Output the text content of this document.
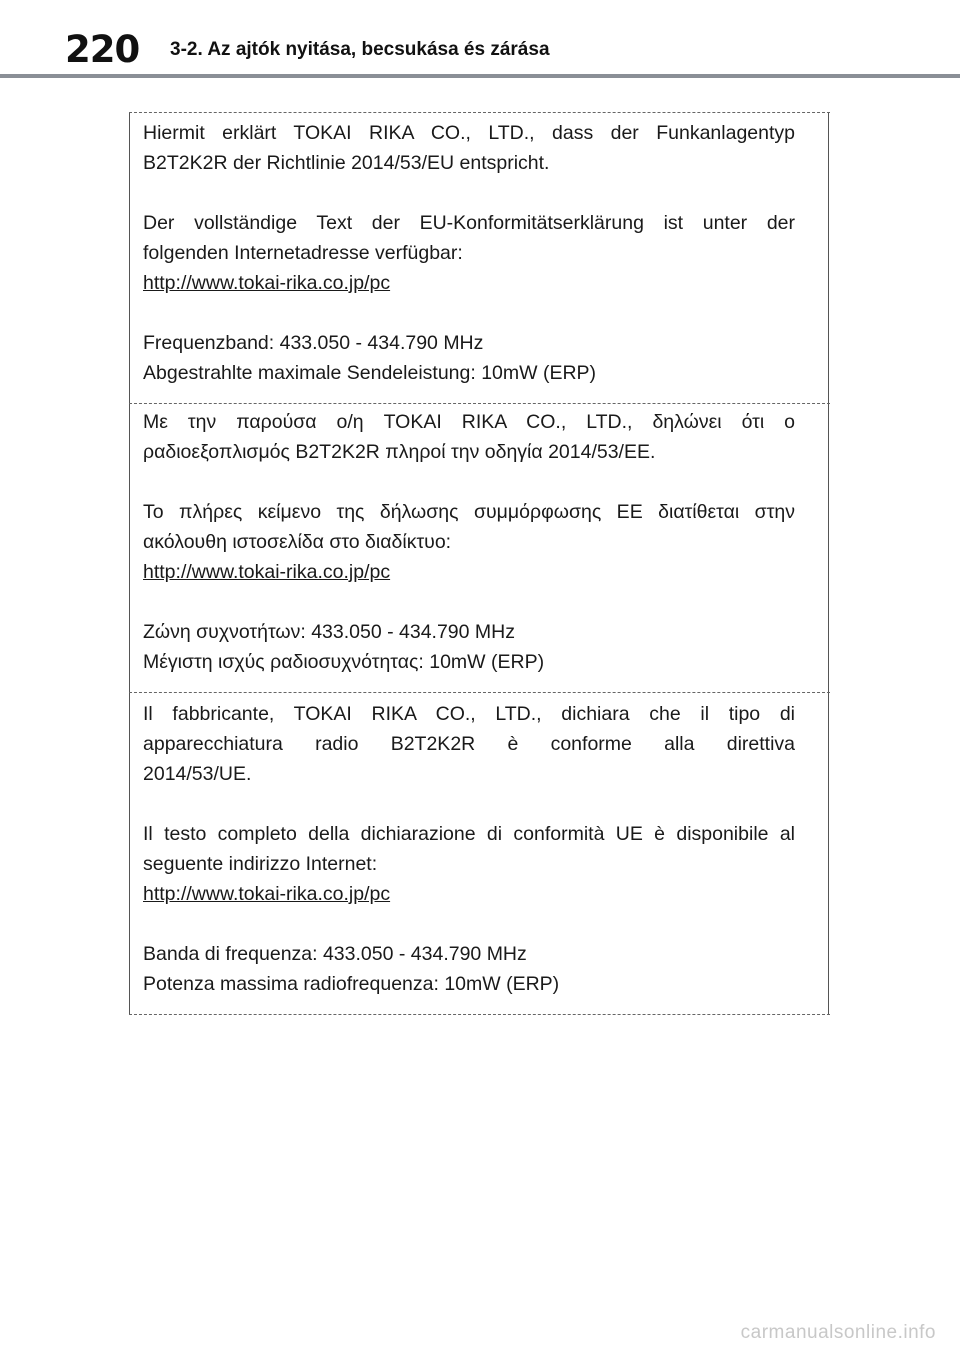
220 3-2. Az ajtók nyitása, becsukása és zárása
Hiermit erklärt TOKAI RIKA CO., LTD., dass der Funkanlagentyp
B2T2K2R der Richtlinie 2014/53/EU entspricht.
Der vollständige Text der EU-Konformitätserklärung ist unter der
folgenden Internetadresse verfügbar:
http://www.tokai-rika.co.jp/pc
Frequenzband: 433.050 - 434.790 MHz
Abgestrahlte maximale Sendeleistung: 10mW (ERP)
Με την παρούσα ο/η TOKAI RIKA CO., LTD., δηλώνει ότι ο
ραδιοεξοπλισμός B2T2K2R πληροί την οδηγία 2014/53/ΕΕ.
Το πλήρες κείμενο της δήλωσης συμμόρφωσης ΕΕ διατίθεται στην
ακόλουθη ιστοσελίδα στο διαδίκτυο:
http://www.tokai-rika.co.jp/pc
Ζώνη συχνοτήτων: 433.050 - 434.790 MHz
Μέγιστη ισχύς ραδιοσυχνότητας: 10mW (ERP)
Il fabbricante, TOKAI RIKA CO., LTD., dichiara che il tipo di
apparecchiatura radio B2T2K2R è conforme alla direttiva
2014/53/UE.
Il testo completo della dichiarazione di conformità UE è disponibile al
seguente indirizzo Internet:
http://www.tokai-rika.co.jp/pc
Banda di frequenza: 433.050 - 434.790 MHz
Potenza massima radiofrequenza: 10mW (ERP)
carmanualsonline.info
